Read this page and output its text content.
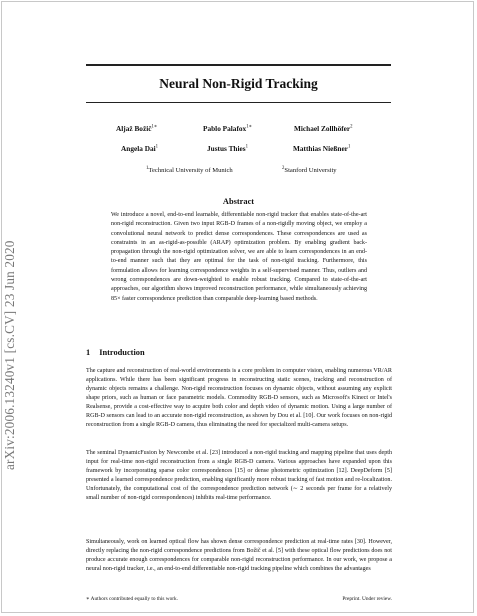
arXiv:2006.13240v1 [cs.CV] 23 Jun 2020
Neural Non-Rigid Tracking
Aljaž Božič$^{1∗}$	Pablo Palafox$^{1∗}$	Michael Zollhöfer$^2$
Angela Dai$^1$	Justus Thies$^1$	Matthias Nießner$^1$
$^1$Technical University of Munich	$^2$Stanford University
Abstract
We introduce a novel, end-to-end learnable, differentiable non-rigid tracker that enables state-of-the-art non-rigid reconstruction. Given two input RGB-D frames of a non-rigidly moving object, we employ a convolutional neural network to predict dense correspondences. These correspondences are used as constraints in an as-rigid-as-possible (ARAP) optimization problem. By enabling gradient back-propagation through the non-rigid optimization solver, we are able to learn correspondences in an end-to-end manner such that they are optimal for the task of non-rigid tracking. Furthermore, this formulation allows for learning correspondence weights in a self-supervised manner. Thus, outliers and wrong correspondences are down-weighted to enable robust tracking. Compared to state-of-the-art approaches, our algorithm shows improved reconstruction performance, while simultaneously achieving 85× faster correspondence prediction than comparable deep-learning based methods.
1 Introduction
The capture and reconstruction of real-world environments is a core problem in computer vision, enabling numerous VR/AR applications. While there has been significant progress in reconstructing static scenes, tracking and reconstruction of dynamic objects remains a challenge. Non-rigid reconstruction focuses on dynamic objects, without assuming any explicit shape priors, such as human or face parametric models. Commodity RGB-D sensors, such as Microsoft's Kinect or Intel's Realsense, provide a cost-effective way to acquire both color and depth video of dynamic motion. Using a large number of RGB-D sensors can lead to an accurate non-rigid reconstruction, as shown by Dou et al. [10]. Our work focuses on non-rigid reconstruction from a single RGB-D camera, thus eliminating the need for specialized multi-camera setups.
The seminal DynamicFusion by Newcombe et al. [23] introduced a non-rigid tracking and mapping pipeline that uses depth input for real-time non-rigid reconstruction from a single RGB-D camera. Various approaches have expanded upon this framework by incorporating sparse color correspondences [15] or dense photometric optimization [12]. DeepDeform [5] presented a learned correspondence prediction, enabling significantly more robust tracking of fast motion and re-localization. Unfortunately, the computational cost of the correspondence prediction network (∼ 2 seconds per frame for a relatively small number of non-rigid correspondences) inhibits real-time performance.
Simultaneously, work on learned optical flow has shown dense correspondence prediction at real-time rates [30]. However, directly replacing the non-rigid correspondence predictions from Božič et al. [5] with these optical flow predictions does not produce accurate enough correspondences for comparable non-rigid reconstruction performance. In our work, we propose a neural non-rigid tracker, i.e., an end-to-end differentiable non-rigid tracking pipeline which combines the advantages
∗ Authors contributed equally to this work.	Preprint. Under review.
